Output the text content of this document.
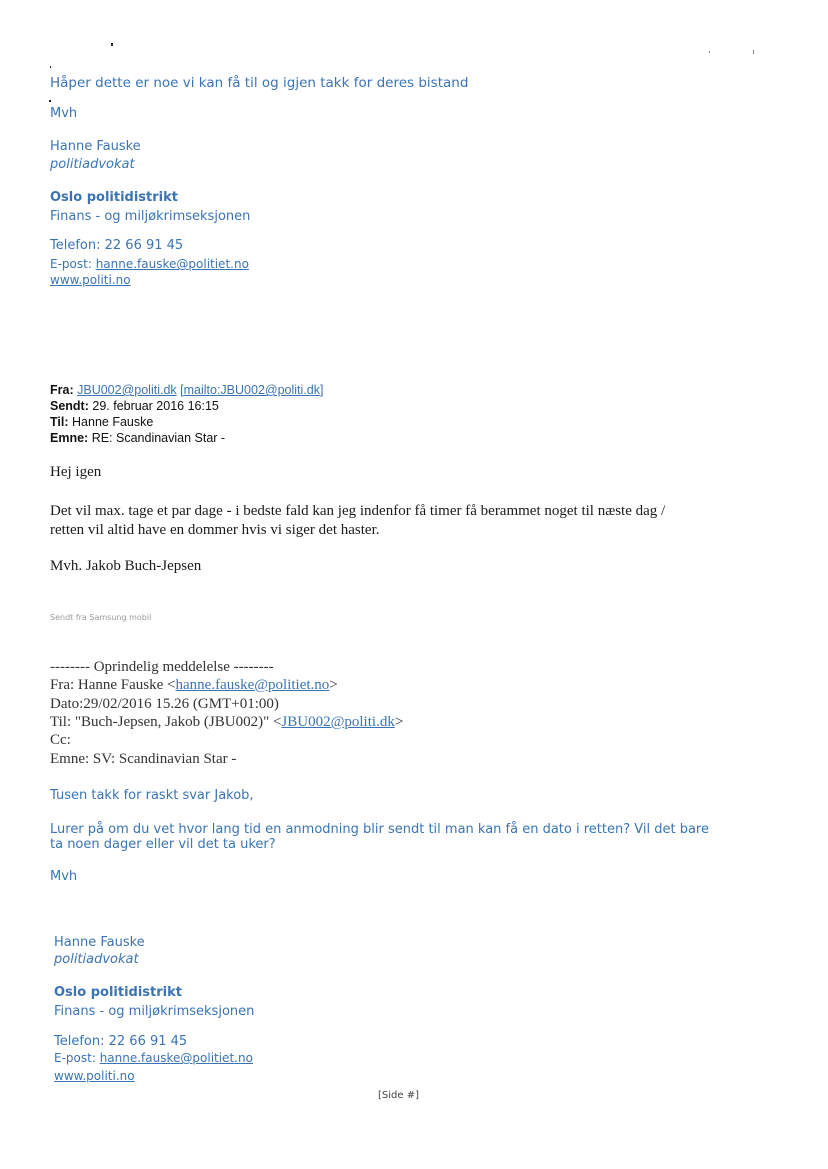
Håper dette er noe vi kan få til og igjen takk for deres bistand
Mvh
Hanne Fauske
politiadvokat
Oslo politidistrikt
Finans - og miljøkrimseksjonen
Telefon: 22 66 91 45
E-post: hanne.fauske@politiet.no
www.politi.no
Fra: JBU002@politi.dk [mailto:JBU002@politi.dk]
Sendt: 29. februar 2016 16:15
Til: Hanne Fauske
Emne: RE: Scandinavian Star -
Hej igen
Det vil max. tage et par dage - i bedste fald kan jeg indenfor få timer få berammet noget til næste dag /
retten vil altid have en dommer hvis vi siger det haster.
Mvh. Jakob Buch-Jepsen
Sendt fra Samsung mobil
-------- Oprindelig meddelelse --------
Fra: Hanne Fauske <hanne.fauske@politiet.no>
Dato:29/02/2016 15.26 (GMT+01:00)
Til: "Buch-Jepsen, Jakob (JBU002)" <JBU002@politi.dk>
Cc:
Emne: SV: Scandinavian Star -
Tusen takk for raskt svar Jakob,
Lurer på om du vet hvor lang tid en anmodning blir sendt til man kan få en dato i retten? Vil det bare
ta noen dager eller vil det ta uker?
Mvh
Hanne Fauske
politiadvokat
Oslo politidistrikt
Finans - og miljøkrimseksjonen
Telefon: 22 66 91 45
E-post: hanne.fauske@politiet.no
www.politi.no
[Side #]
